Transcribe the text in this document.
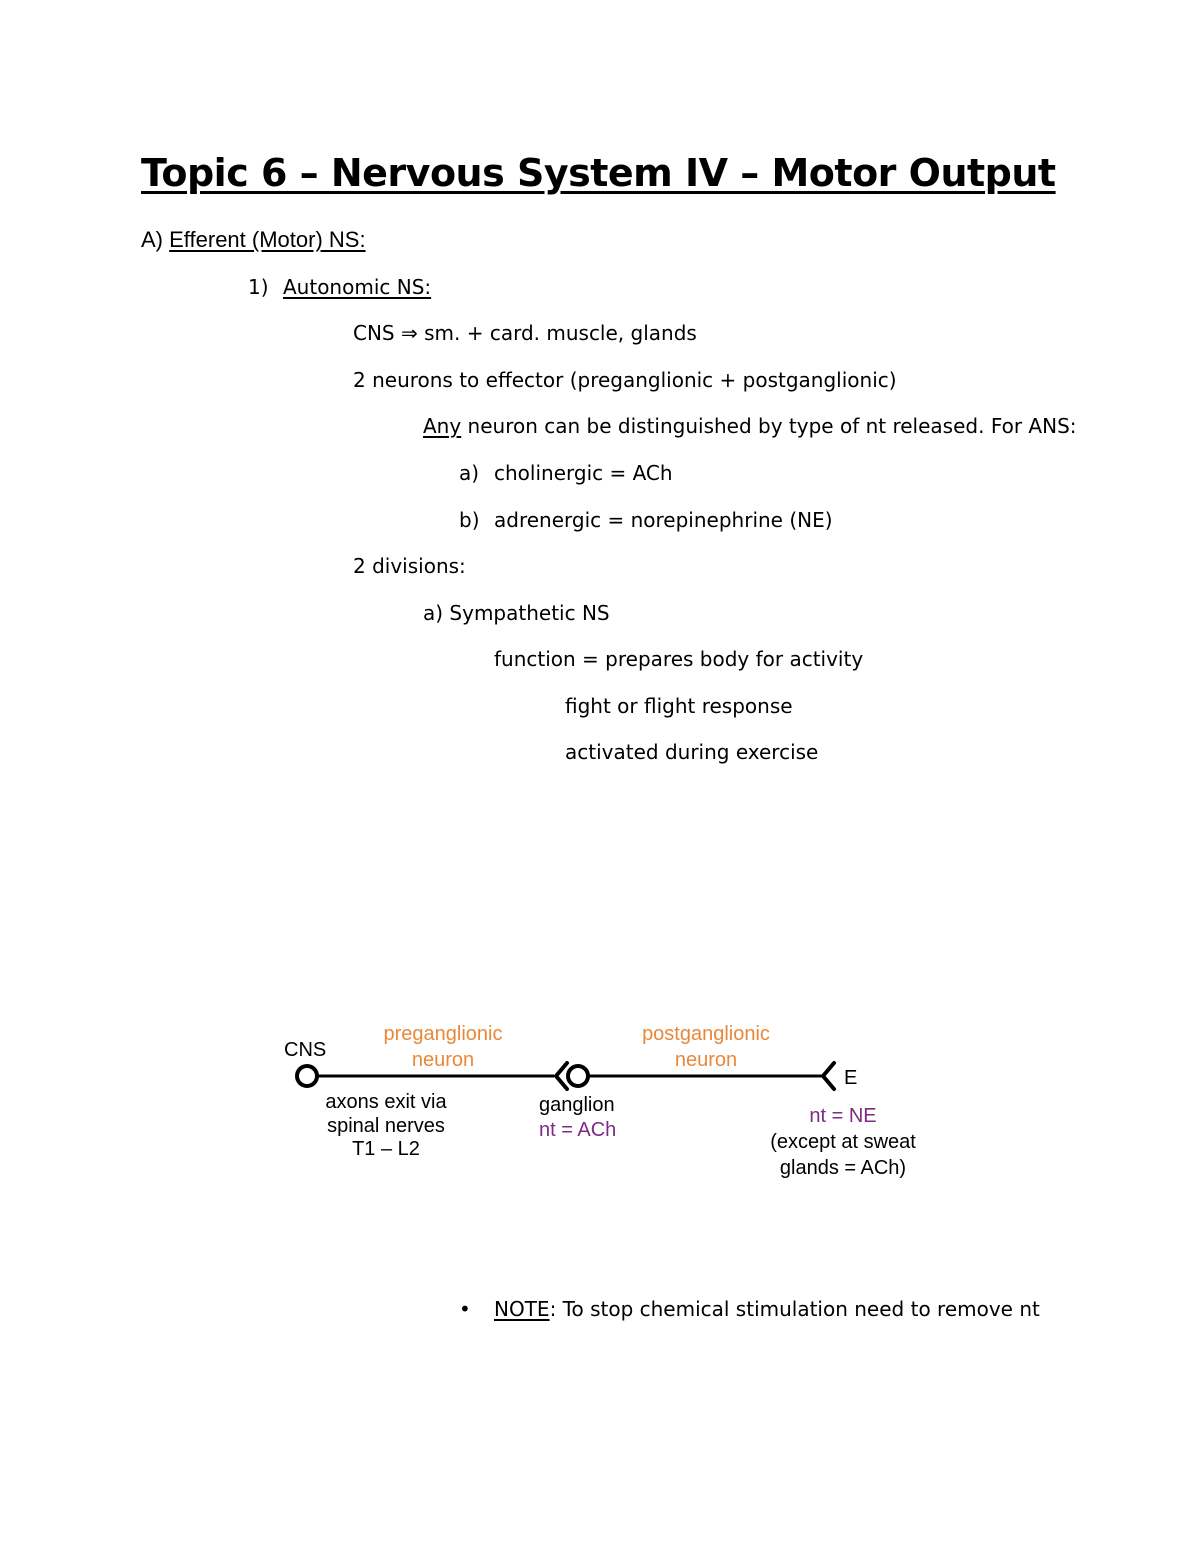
Topic 6 – Nervous System IV – Motor Output
A) Efferent (Motor) NS:
1) Autonomic NS:
CNS ⇒ sm. + card. muscle, glands
2 neurons to effector (preganglionic + postganglionic)
Any neuron can be distinguished by type of nt released. For ANS:
a) cholinergic = ACh
b) adrenergic = norepinephrine (NE)
2 divisions:
a) Sympathetic NS
function = prepares body for activity
fight or flight response
activated during exercise
CNS
preganglionic
neuron
postganglionic
neuron
E
axons exit via
spinal nerves
T1 – L2
ganglion
nt = ACh
nt = NE
(except at sweat
glands = ACh)
• NOTE: To stop chemical stimulation need to remove nt
